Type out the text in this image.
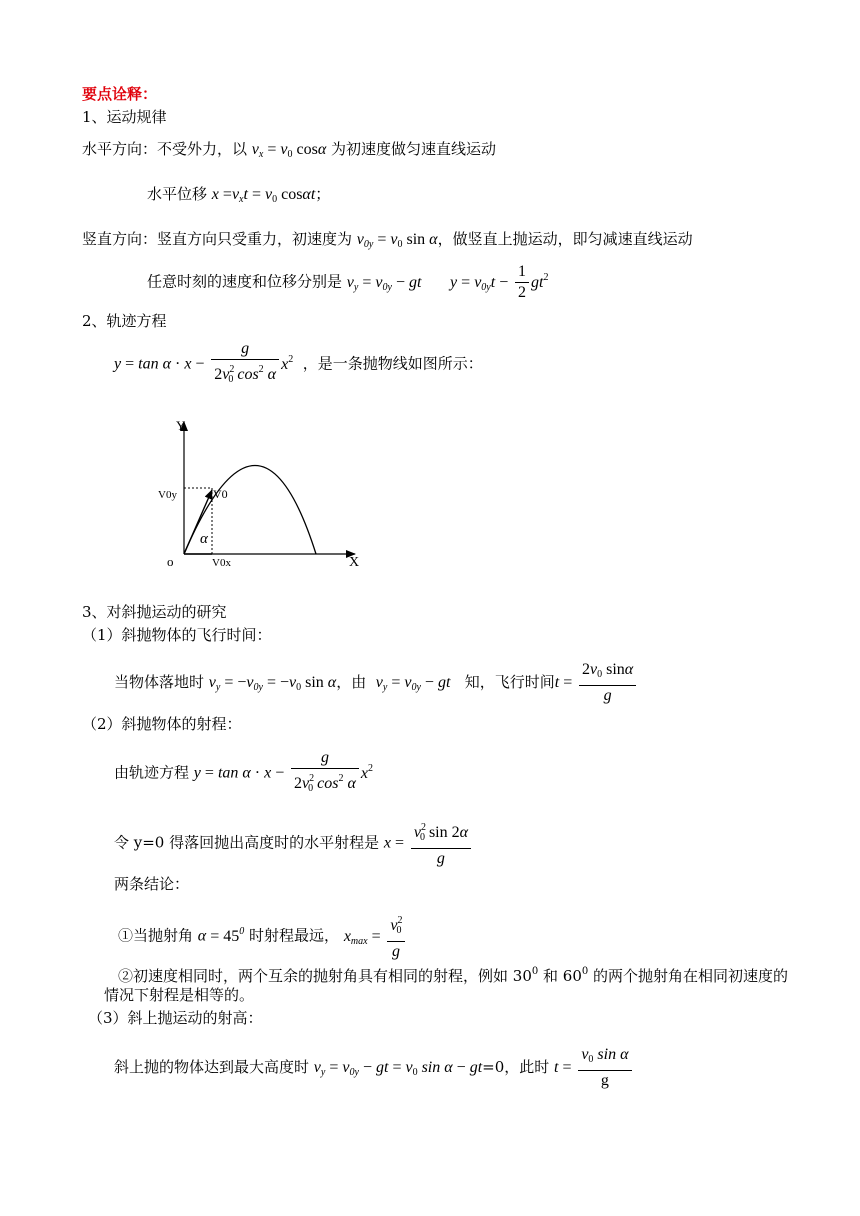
要点诠释：
1、运动规律
水平方向：不受外力，以 $v_x = v_0$ cosα 为初速度做匀速直线运动
水平位移 $x =v_xt = v_0$ cosαt；
竖直方向：竖直方向只受重力，初速度为 $v_{0y} = v_0$ sin α，做竖直上抛运动，即匀减速直线运动
任意时刻的速度和位移分别是 $v_y = v_{0y}$ − gt $y = v_{0y}t - \frac{1}{2} gt^2$
2、轨迹方程
$y = \tan \alpha \cdot x - \frac{g}{2v^2_0 \cos^2 \alpha} x^2$ ，是一条抛物线如图所示：
Y
X
o
V0y	V0
V0x
α
3、对斜抛运动的研究
（1）斜抛物体的飞行时间：
当物体落地时 $v_y = -v_{0y} = -v_0$ sin α，由 $v_y = v_{0y}$ − gt 知，飞行时间$t = \frac{2v_0 \sin\alpha}{g}$
（2）斜抛物体的射程：
由轨迹方程 $y = \tan \alpha \cdot x - \frac{g}{2v^2_0 \cos^2 \alpha} x^2$
令 y=0 得落回抛出高度时的水平射程是 $x = \frac{v^2_0 \sin 2\alpha}{g}$
两条结论：
①当抛射角 $\alpha = 45^0$ 时射程最远， $x_{max} = \frac{v^2_0}{g}$
②初速度相同时，两个互余的抛射角具有相同的射程，例如 $30^0$ 和 $60^0$ 的两个抛射角在相同初速度的
情况下射程是相等的。
（3）斜上抛运动的射高：
斜上抛的物体达到最大高度时 $v_y = v_{0y}$ − gt = $v_0$ sin α − gt=0，此时 $t = \frac{v_0 \sin \alpha}{g}$
